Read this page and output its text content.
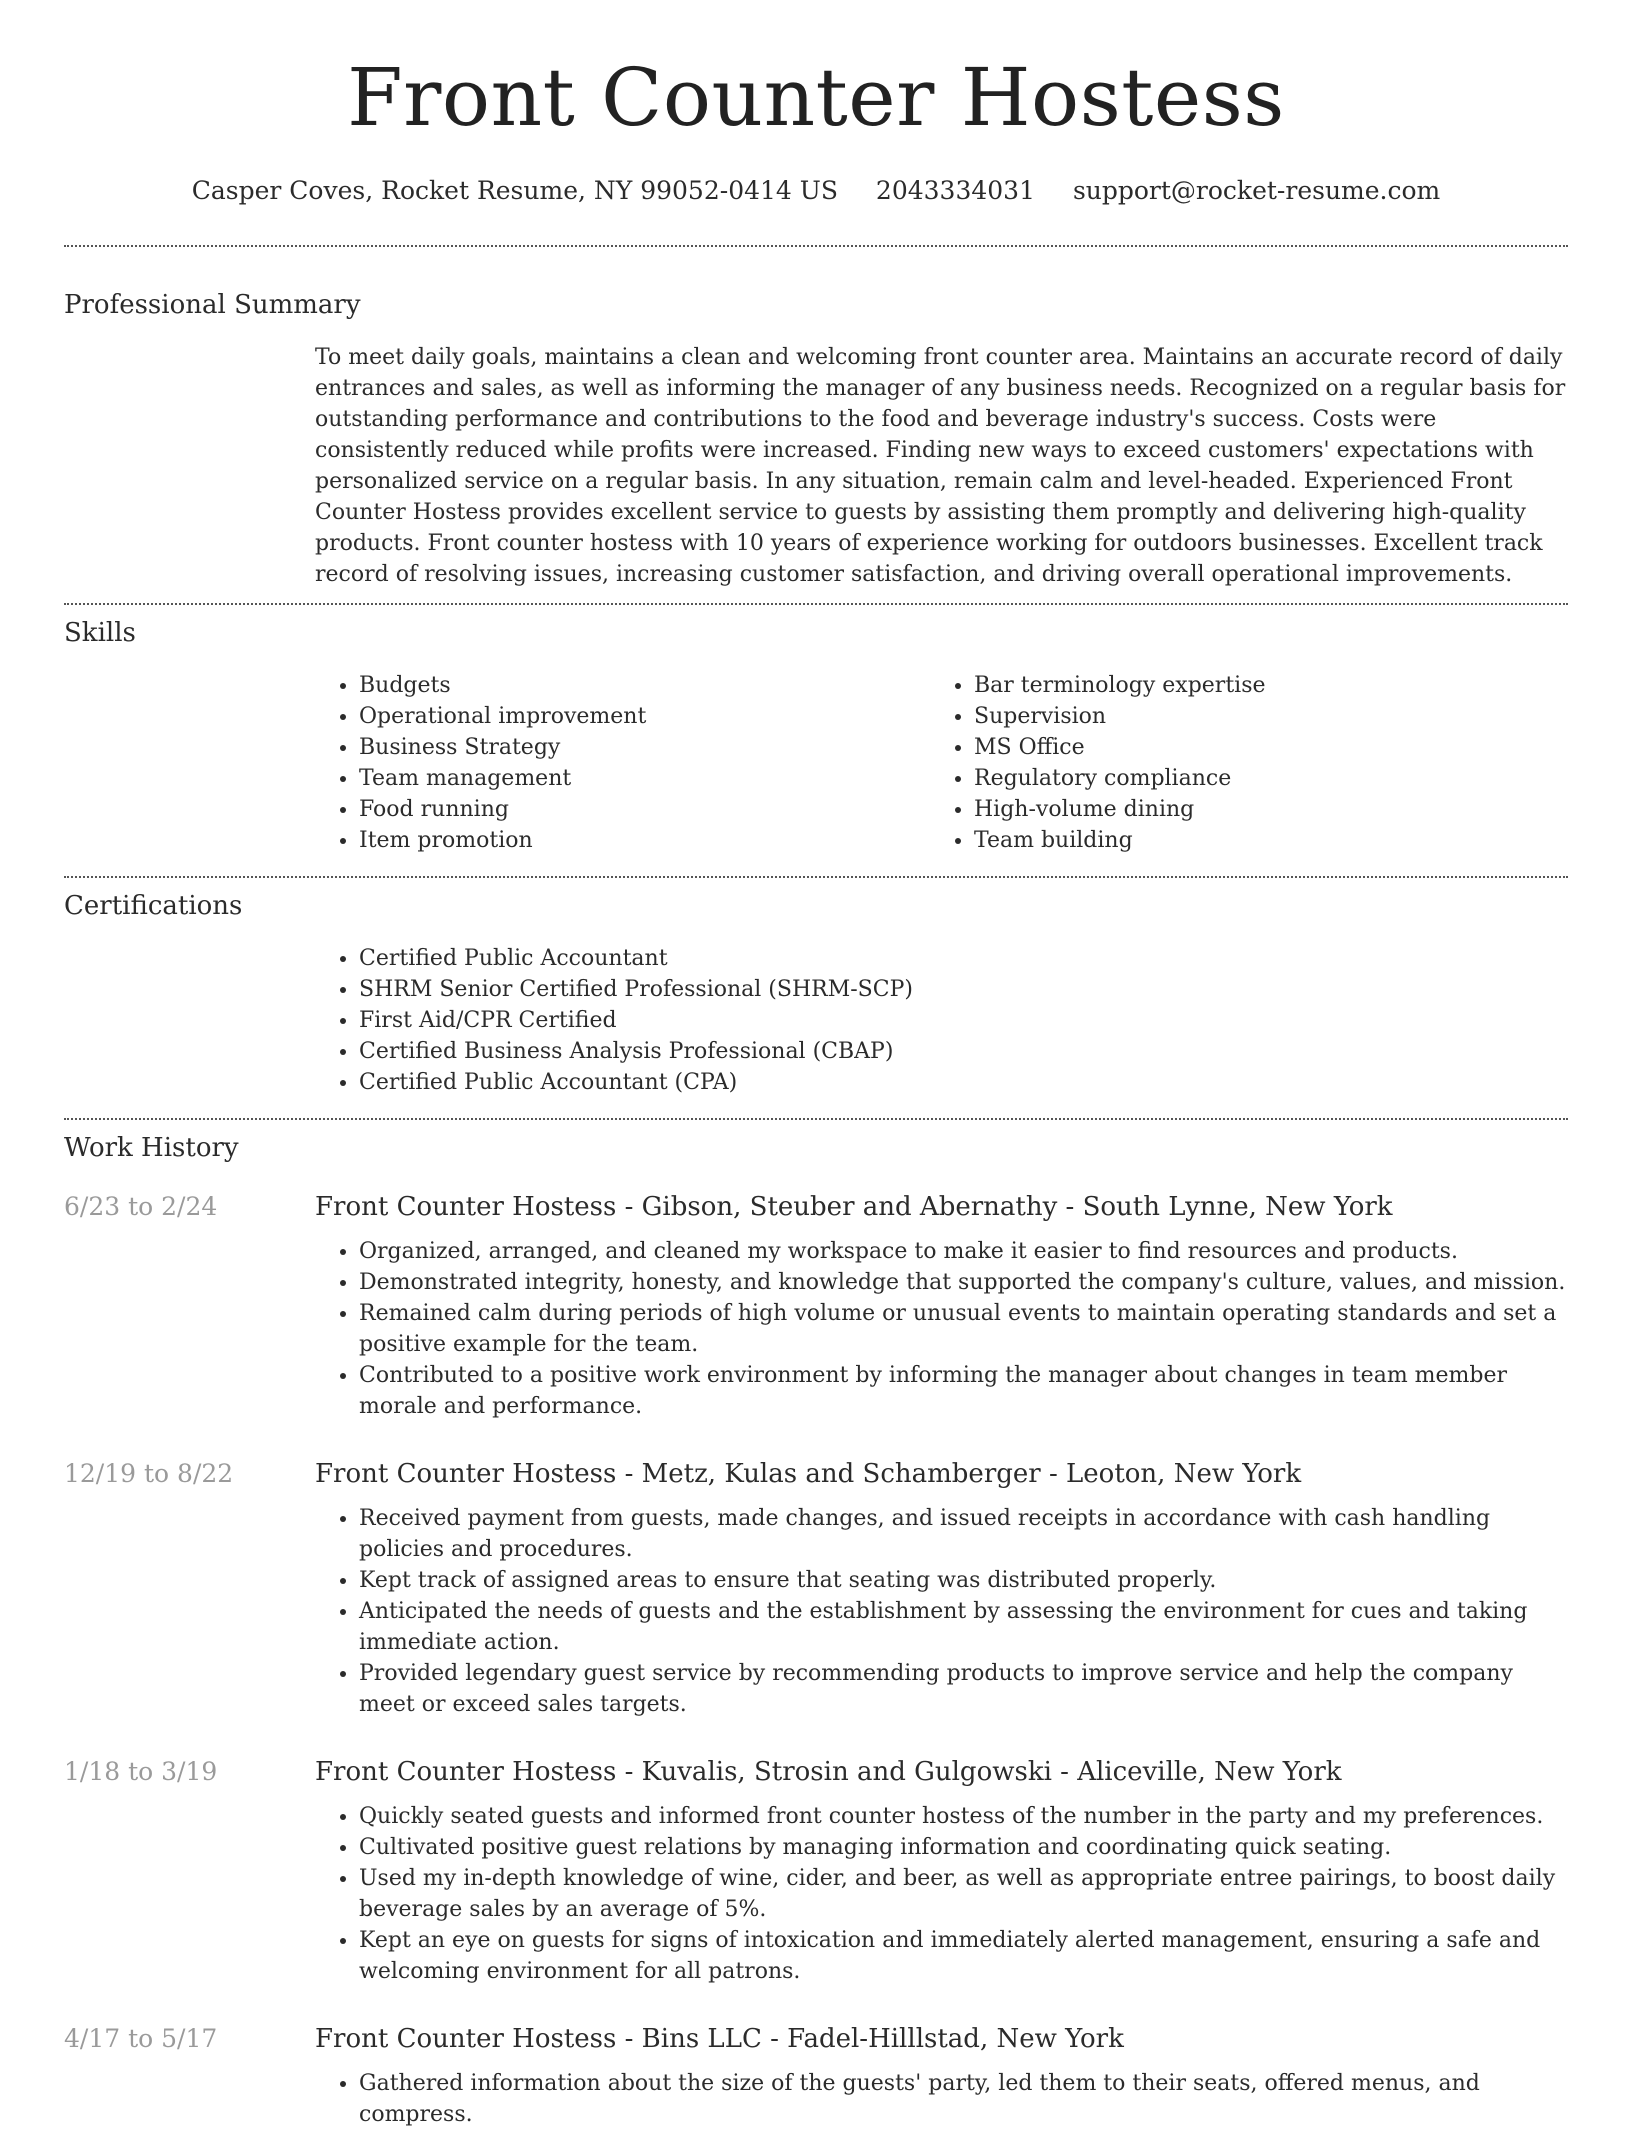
Front Counter Hostess
Casper Coves, Rocket Resume, NY 99052-0414 US 2043334031 support@rocket-resume.com
Professional Summary

To meet daily goals, maintains a clean and welcoming front counter area. Maintains an accurate record of daily entrances and sales, as well as informing the manager of any business needs. Recognized on a regular basis for outstanding performance and contributions to the food and beverage industry's success. Costs were consistently reduced while profits were increased. Finding new ways to exceed customers' expectations with personalized service on a regular basis. In any situation, remain calm and level-headed. Experienced Front Counter Hostess provides excellent service to guests by assisting them promptly and delivering high-quality products. Front counter hostess with 10 years of experience working for outdoors businesses. Excellent track record of resolving issues, increasing customer satisfaction, and driving overall operational improvements.

Skills
• Budgets
• Operational improvement
• Business Strategy
• Team management
• Food running
• Item promotion
• Bar terminology expertise
• Supervision
• MS Office
• Regulatory compliance
• High-volume dining
• Team building
Certifications
• Certified Public Accountant
• SHRM Senior Certified Professional (SHRM-SCP)
• First Aid/CPR Certified
• Certified Business Analysis Professional (CBAP)
• Certified Public Accountant (CPA)
Work History
6/23 to 2/24	Front Counter Hostess - Gibson, Steuber and Abernathy - South Lynne, New York
• Organized, arranged, and cleaned my workspace to make it easier to find resources and products.
• Demonstrated integrity, honesty, and knowledge that supported the company's culture, values, and mission.
• Remained calm during periods of high volume or unusual events to maintain operating standards and set a positive example for the team.
• Contributed to a positive work environment by informing the manager about changes in team member morale and performance.
12/19 to 8/22	Front Counter Hostess - Metz, Kulas and Schamberger - Leoton, New York
• Received payment from guests, made changes, and issued receipts in accordance with cash handling policies and procedures.
• Kept track of assigned areas to ensure that seating was distributed properly.
• Anticipated the needs of guests and the establishment by assessing the environment for cues and taking immediate action.
• Provided legendary guest service by recommending products to improve service and help the company meet or exceed sales targets.
1/18 to 3/19	Front Counter Hostess - Kuvalis, Strosin and Gulgowski - Aliceville, New York
• Quickly seated guests and informed front counter hostess of the number in the party and my preferences.
• Cultivated positive guest relations by managing information and coordinating quick seating.
• Used my in-depth knowledge of wine, cider, and beer, as well as appropriate entree pairings, to boost daily beverage sales by an average of 5%.
• Kept an eye on guests for signs of intoxication and immediately alerted management, ensuring a safe and welcoming environment for all patrons.
4/17 to 5/17	Front Counter Hostess - Bins LLC - Fadel-Hilllstad, New York
• Gathered information about the size of the guests' party, led them to their seats, offered menus, and compress.
